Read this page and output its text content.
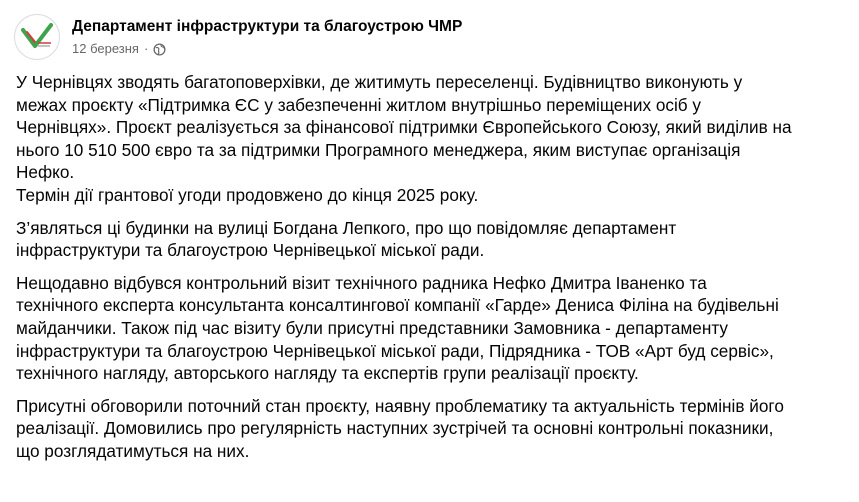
Департамент інфраструктури та благоустрою ЧМР
12 березня ·

У Чернівцях зводять багатоповерхівки, де житимуть переселенці. Будівництво виконують у
межах проєкту «Підтримка ЄС у забезпеченні житлом внутрішньо переміщених осіб у
Чернівцях». Проєкт реалізується за фінансової підтримки Європейського Союзу, який виділив на
нього 10 510 500 євро та за підтримки Програмного менеджера, яким виступає організація
Нефко.
Термін дії грантової угоди продовжено до кінця 2025 року.

З’являться ці будинки на вулиці Богдана Лепкого, про що повідомляє департамент
інфраструктури та благоустрою Чернівецької міської ради.

Нещодавно відбувся контрольний візит технічного радника Нефко Дмитра Іваненко та
технічного експерта консультанта консалтингової компанії «Гарде» Дениса Філіна на будівельні
майданчики. Також під час візиту були присутні представники Замовника - департаменту
інфраструктури та благоустрою Чернівецької міської ради, Підрядника - ТОВ «Арт буд сервіс»,
технічного нагляду, авторського нагляду та експертів групи реалізації проєкту.

Присутні обговорили поточний стан проєкту, наявну проблематику та актуальність термінів його
реалізації. Домовились про регулярність наступних зустрічей та основні контрольні показники,
що розглядатимуться на них.
